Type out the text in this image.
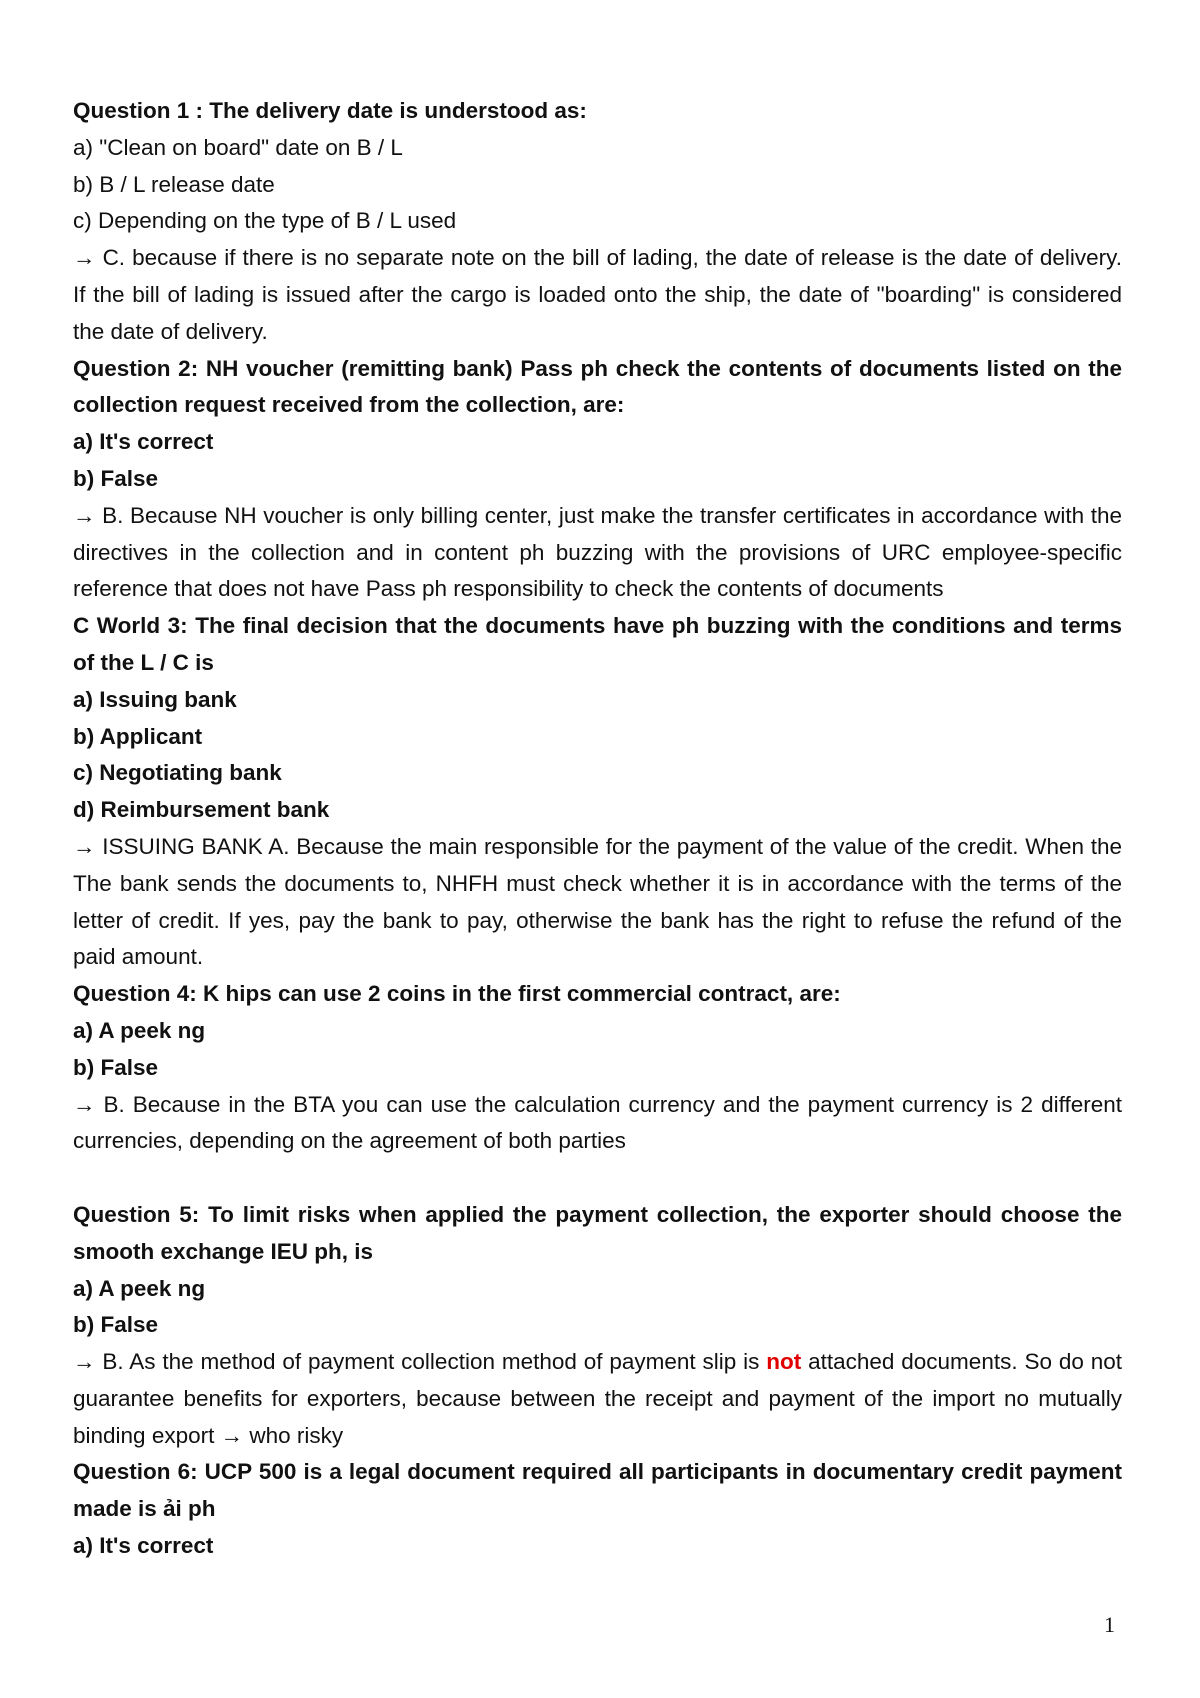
Question 1 : The delivery date is understood as:

a) "Clean on board" date on B / L

b) B / L release date

c) Depending on the type of B / L used

→ C. because if there is no separate note on the bill of lading, the date of release is the date of delivery. If the bill of lading is issued after the cargo is loaded onto the ship, the date of "boarding" is considered the date of delivery.

Question 2: NH voucher (remitting bank) Pass ph check the contents of documents listed on the collection request received from the collection, are:

a) It's correct

b) False

→ B. Because NH voucher is only billing center, just make the transfer certificates in accordance with the directives in the collection and in content ph buzzing with the provisions of URC employee-specific reference that does not have Pass ph responsibility to check the contents of documents

C World 3: The final decision that the documents have ph buzzing with the conditions and terms of the L / C is

a) Issuing bank

b) Applicant

c) Negotiating bank

d) Reimbursement bank

→ ISSUING BANK A. Because the main responsible for the payment of the value of the credit. When the The bank sends the documents to, NHFH must check whether it is in accordance with the terms of the letter of credit. If yes, pay the bank to pay, otherwise the bank has the right to refuse the refund of the paid amount.

Question 4: K hips can use 2 coins in the first commercial contract, are:

a) A peek ng

b) False

→ B. Because in the BTA you can use the calculation currency and the payment currency is 2 different currencies, depending on the agreement of both parties

Question 5: To limit risks when applied the payment collection, the exporter should choose the smooth exchange IEU ph, is

a) A peek ng

b) False

→ B. As the method of payment collection method of payment slip is not attached documents. So do not guarantee benefits for exporters, because between the receipt and payment of the import no mutually binding export → who risky

Question 6: UCP 500 is a legal document required all participants in documentary credit payment made is ải ph

a) It's correct

1
